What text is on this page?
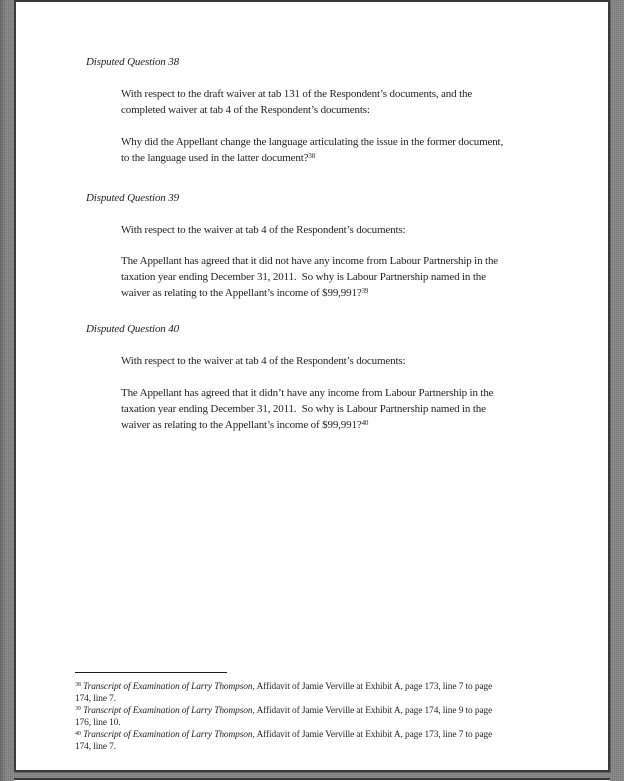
Disputed Question 38
With respect to the draft waiver at tab 131 of the Respondent’s documents, and the
completed waiver at tab 4 of the Respondent’s documents:
Why did the Appellant change the language articulating the issue in the former document,
to the language used in the latter document?$^{38}$
Disputed Question 39
With respect to the waiver at tab 4 of the Respondent’s documents:
The Appellant has agreed that it did not have any income from Labour Partnership in the
taxation year ending December 31, 2011.  So why is Labour Partnership named in the
waiver as relating to the Appellant’s income of $99,991?$^{39}$
Disputed Question 40
With respect to the waiver at tab 4 of the Respondent’s documents:
The Appellant has agreed that it didn’t have any income from Labour Partnership in the
taxation year ending December 31, 2011.  So why is Labour Partnership named in the
waiver as relating to the Appellant’s income of $99,991?$^{40}$
$^{38}$ Transcript of Examination of Larry Thompson, Affidavit of Jamie Verville at Exhibit A, page 173, line 7 to page
174, line 7.
$^{39}$ Transcript of Examination of Larry Thompson, Affidavit of Jamie Verville at Exhibit A, page 174, line 9 to page
176, line 10.
$^{40}$ Transcript of Examination of Larry Thompson, Affidavit of Jamie Verville at Exhibit A, page 173, line 7 to page
174, line 7.
